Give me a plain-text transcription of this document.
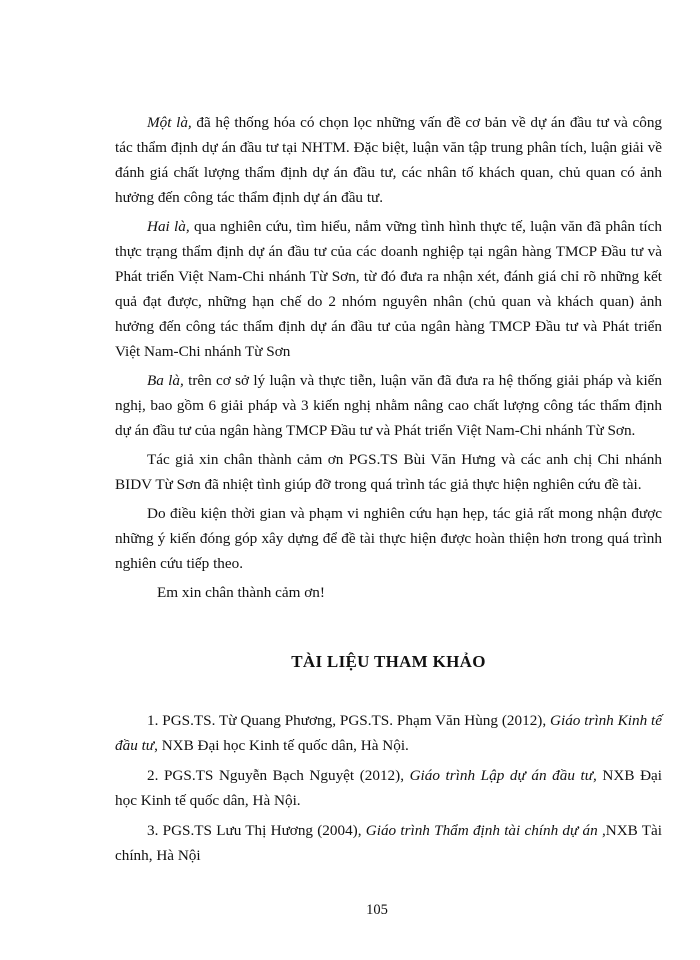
Một là, đã hệ thống hóa có chọn lọc những vấn đề cơ bản về dự án đầu tư và công tác thẩm định dự án đầu tư tại NHTM. Đặc biệt, luận văn tập trung phân tích, luận giải về đánh giá chất lượng thẩm định dự án đầu tư, các nhân tố khách quan, chủ quan có ảnh hưởng đến công tác thẩm định dự án đầu tư.

Hai là, qua nghiên cứu, tìm hiểu, nắm vững tình hình thực tế, luận văn đã phân tích thực trạng thẩm định dự án đầu tư của các doanh nghiệp tại ngân hàng TMCP Đầu tư và Phát triển Việt Nam-Chi nhánh Từ Sơn, từ đó đưa ra nhận xét, đánh giá chỉ rõ những kết quả đạt được, những hạn chế do 2 nhóm nguyên nhân (chủ quan và khách quan) ảnh hưởng đến công tác thẩm định dự án đầu tư của ngân hàng TMCP Đầu tư và Phát triển Việt Nam-Chi nhánh Từ Sơn

Ba là, trên cơ sở lý luận và thực tiễn, luận văn đã đưa ra hệ thống giải pháp và kiến nghị, bao gồm 6 giải pháp và 3 kiến nghị nhằm nâng cao chất lượng công tác thẩm định dự án đầu tư của ngân hàng TMCP Đầu tư và Phát triển Việt Nam-Chi nhánh Từ Sơn.

Tác giả xin chân thành cảm ơn PGS.TS Bùi Văn Hưng và các anh chị Chi nhánh BIDV Từ Sơn đã nhiệt tình giúp đỡ trong quá trình tác giả thực hiện nghiên cứu đề tài.

Do điều kiện thời gian và phạm vi nghiên cứu hạn hẹp, tác giả rất mong nhận được những ý kiến đóng góp xây dựng để đề tài thực hiện được hoàn thiện hơn trong quá trình nghiên cứu tiếp theo.

Em xin chân thành cảm ơn!

TÀI LIỆU THAM KHẢO

1. PGS.TS. Từ Quang Phương, PGS.TS. Phạm Văn Hùng (2012), Giáo trình Kinh tế đầu tư, NXB Đại học Kinh tế quốc dân, Hà Nội.

2. PGS.TS Nguyễn Bạch Nguyệt (2012), Giáo trình Lập dự án đầu tư, NXB Đại học Kinh tế quốc dân, Hà Nội.

3. PGS.TS Lưu Thị Hương (2004), Giáo trình Thẩm định tài chính dự án ,NXB Tài chính, Hà Nội

105
